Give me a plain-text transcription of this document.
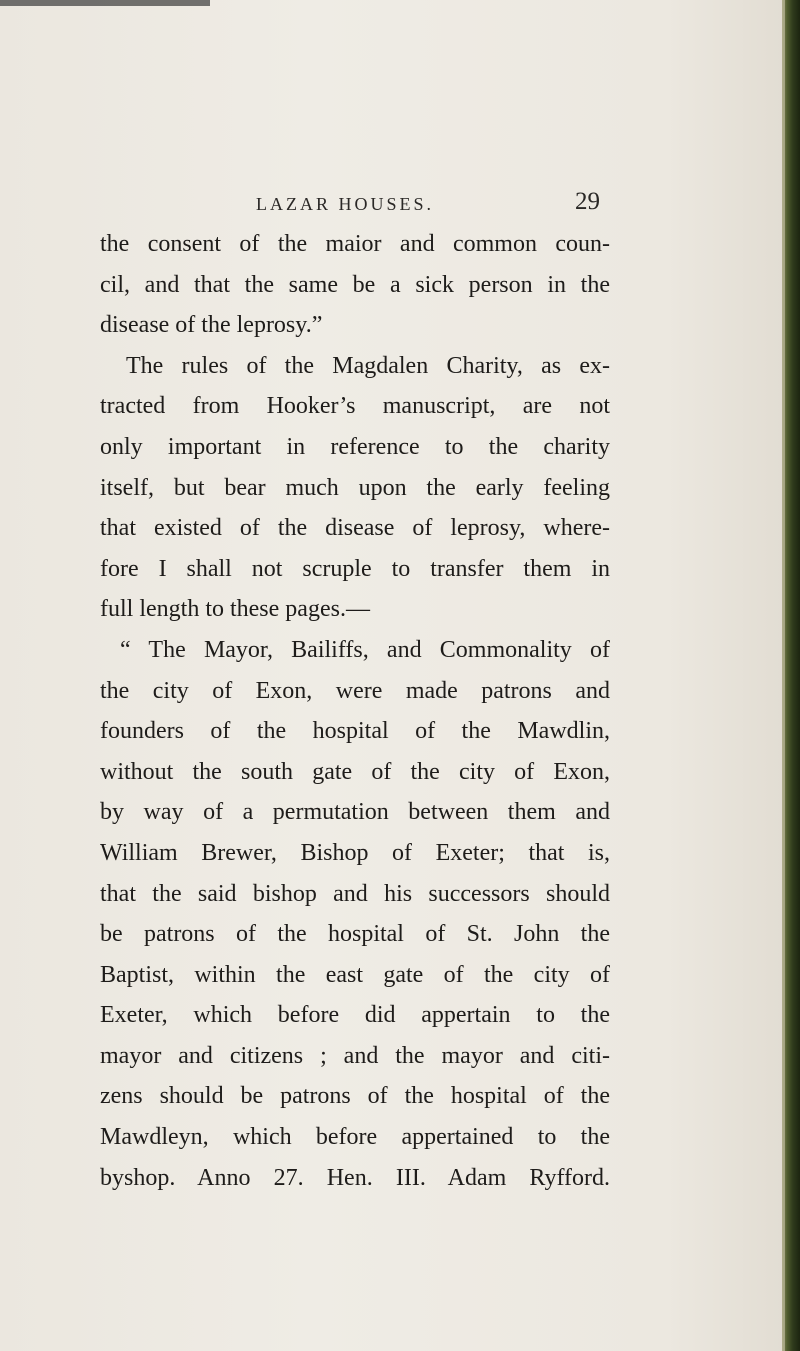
LAZAR HOUSES.	29
the consent of the maior and common coun-
cil, and that the same be a sick person in the
disease of the leprosy.”
The rules of the Magdalen Charity, as ex-
tracted from Hooker’s manuscript, are not
only important in reference to the charity
itself, but bear much upon the early feeling
that existed of the disease of leprosy, where-
fore I shall not scruple to transfer them in
full length to these pages.—
“ The Mayor, Bailiffs, and Commonality of
the city of Exon, were made patrons and
founders of the hospital of the Mawdlin,
without the south gate of the city of Exon,
by way of a permutation between them and
William Brewer, Bishop of Exeter; that is,
that the said bishop and his successors should
be patrons of the hospital of St. John the
Baptist, within the east gate of the city of
Exeter, which before did appertain to the
mayor and citizens ; and the mayor and citi-
zens should be patrons of the hospital of the
Mawdleyn, which before appertained to the
byshop. Anno 27. Hen. III. Adam Ryfford.
